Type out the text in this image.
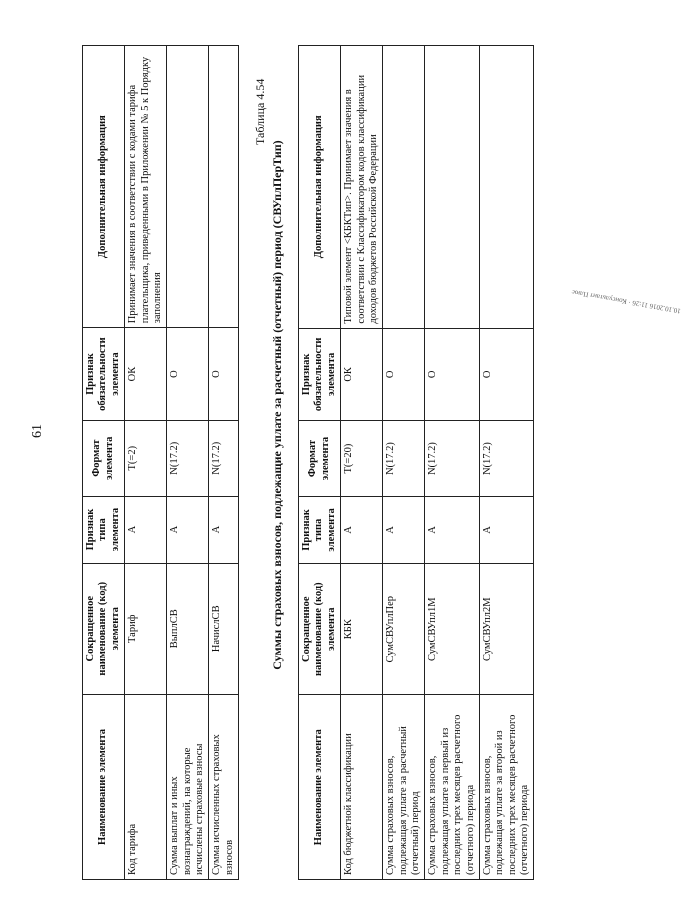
61
Наименование элемента	Сокращенное наименование (код) элемента	Признак типа элемента	Формат элемента	Признак обязательности элемента	Дополнительная информация
Код тарифа	Тариф	А	T(=2)	ОК	Принимает значения в соответствии с кодами тарифа плательщика, приведенными в Приложении № 5 к Порядку заполнения
Сумма выплат и иных вознаграждений, на которые исчислены страховые взносы	ВыплСВ	А	N(17.2)	О	
Сумма исчисленных страховых взносов	НачислСВ	А	N(17.2)	О	
Таблица 4.54
Суммы страховых взносов, подлежащие уплате за расчетный (отчетный) период (СВУплПерТип)
Наименование элемента	Сокращенное наименование (код) элемента	Признак типа элемента	Формат элемента	Признак обязательности элемента	Дополнительная информация
Код бюджетной классификации	КБК	А	T(=20)	ОК	Типовой элемент <КБКТип>. Принимает значения в соответствии с Классификатором кодов классификации доходов бюджетов Российской Федерации
Сумма страховых взносов, подлежащая уплате за расчетный (отчетный) период	СумСВУплПер	А	N(17.2)	О	
Сумма страховых взносов, подлежащая уплате за первый из последних трех месяцев расчетного (отчетного) периода	СумСВУпл1М	А	N(17.2)	О	
Сумма страховых взносов, подлежащая уплате за второй из последних трех месяцев расчетного (отчетного) периода	СумСВУпл2М	А	N(17.2)	О	
10.10.2016 11:26 · Консультант Плюс
